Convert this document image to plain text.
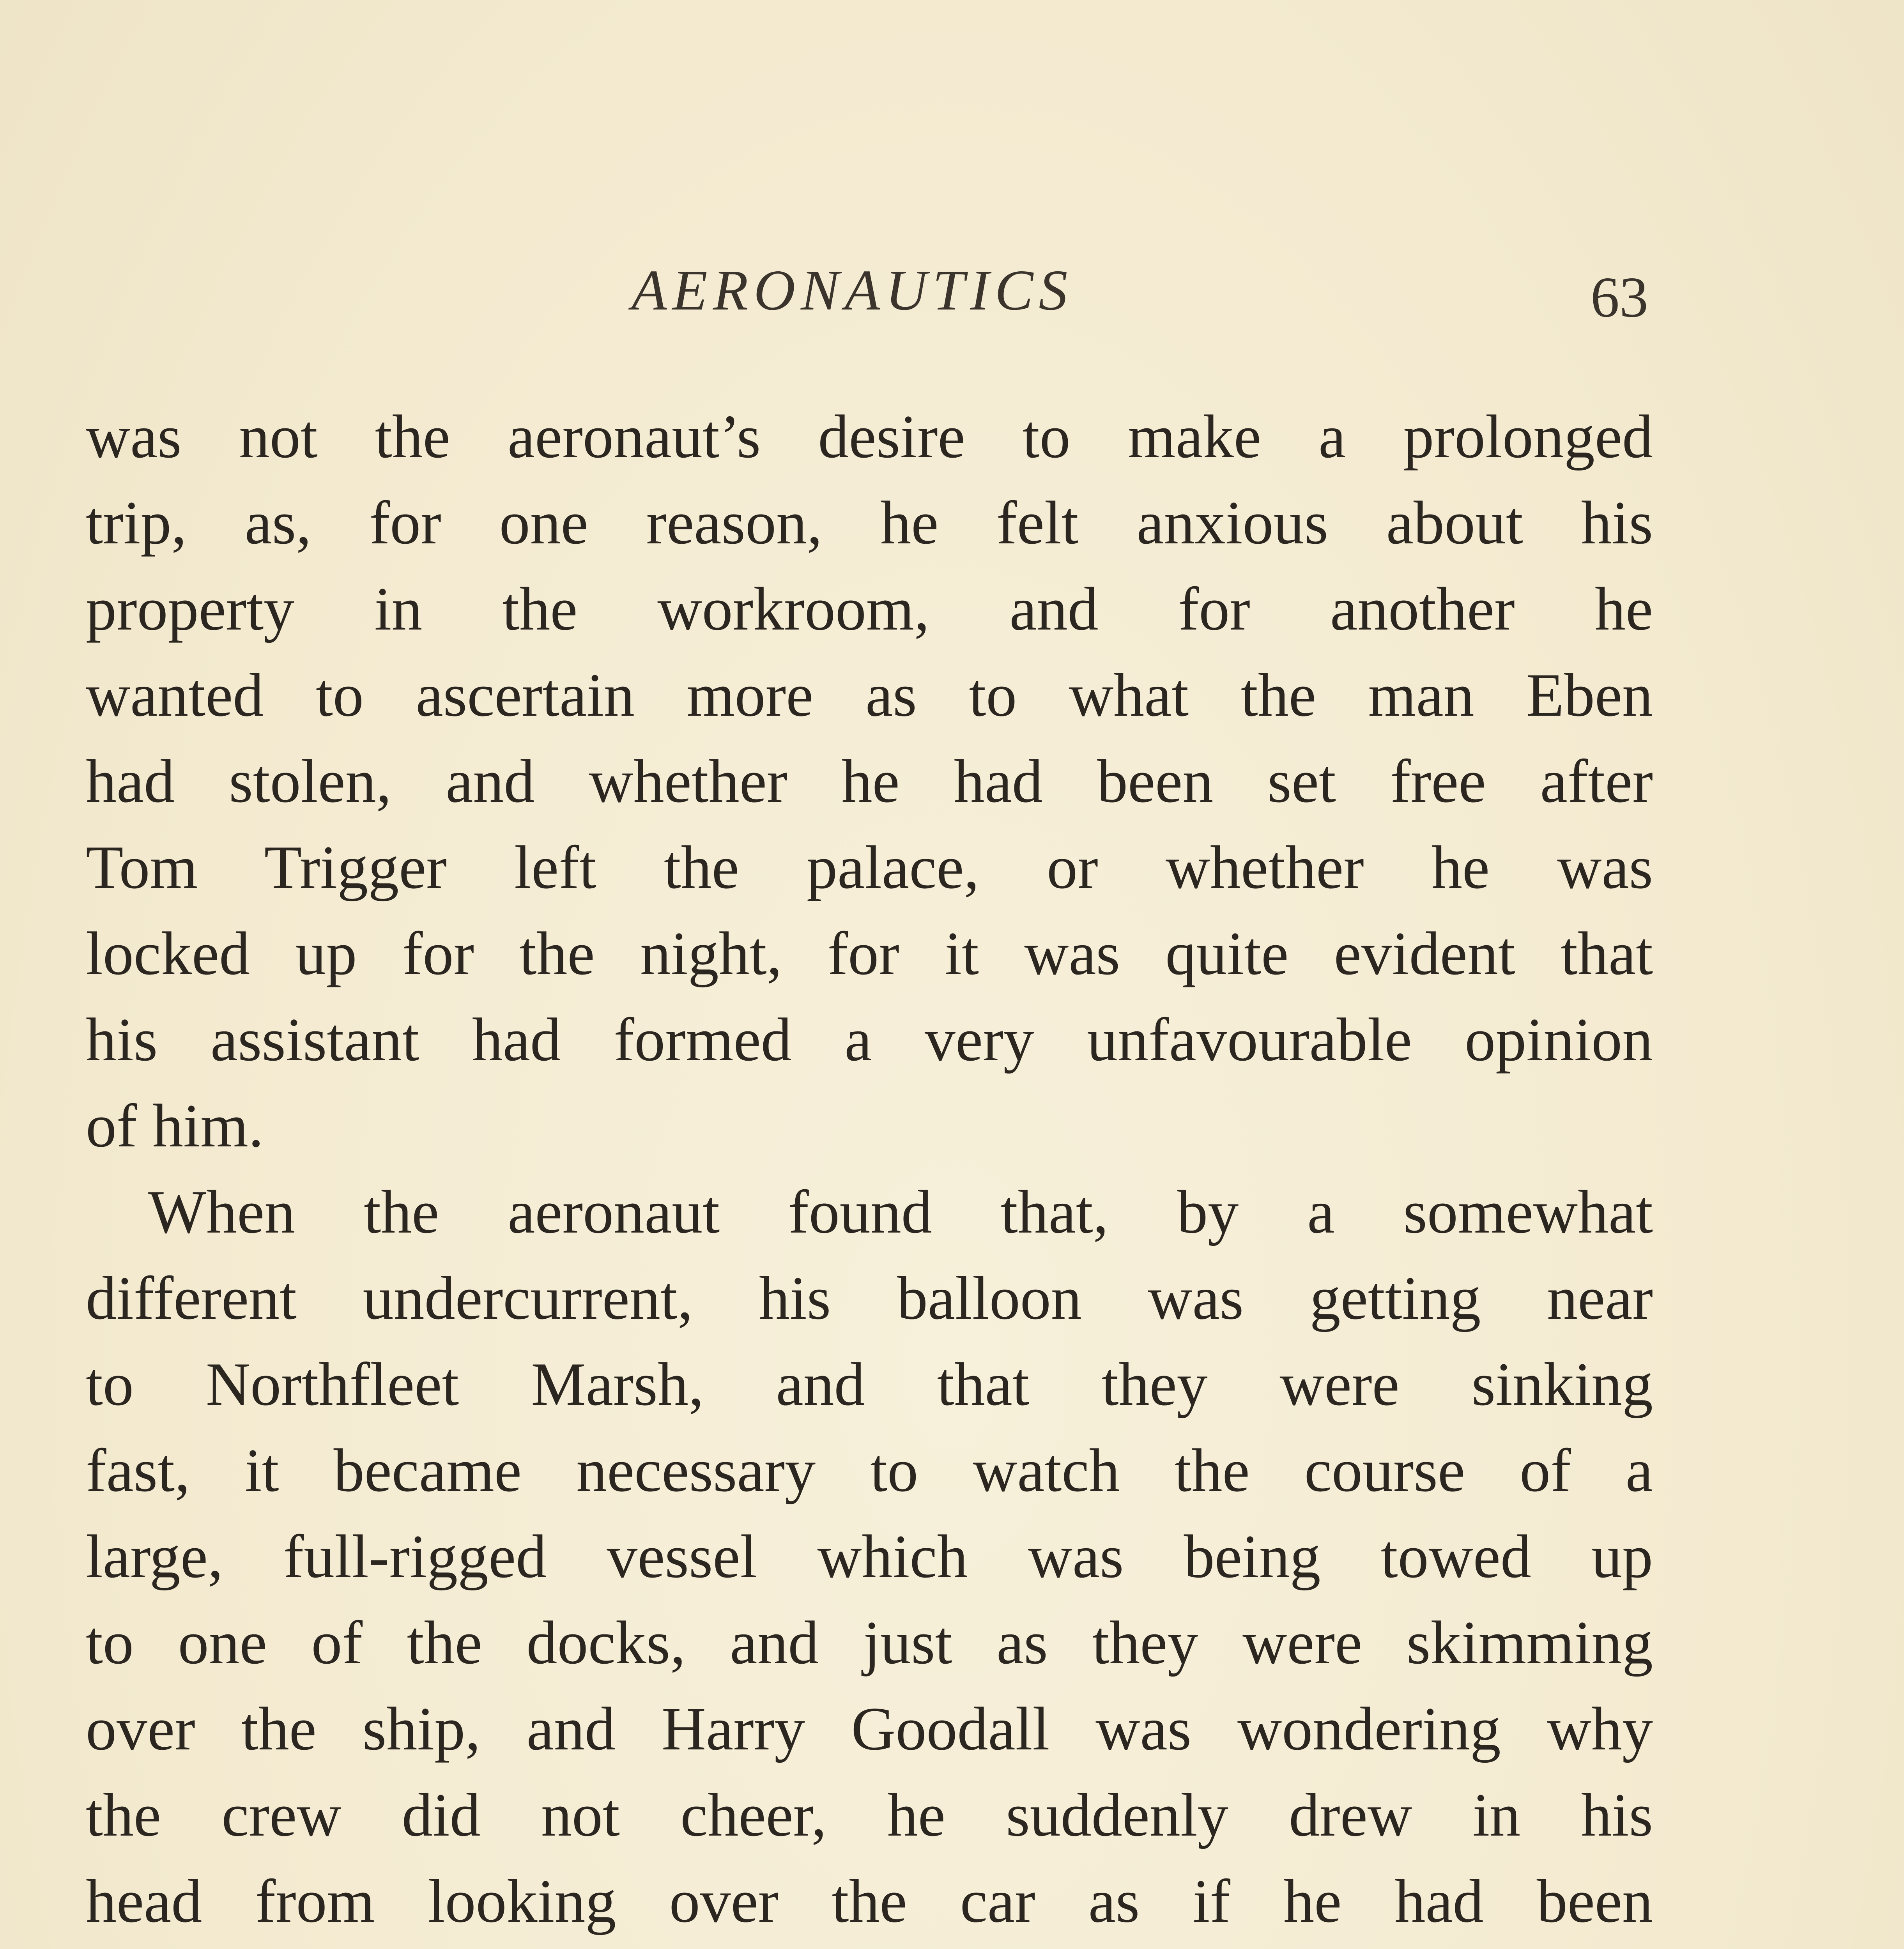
AERONAUTICS	63
was not the aeronaut’s desire to make a prolonged
trip, as, for one reason, he felt anxious about his
property in the workroom, and for another he
wanted to ascertain more as to what the man Eben
had stolen, and whether he had been set free after
Tom Trigger left the palace, or whether he was
locked up for the night, for it was quite evident that
his assistant had formed a very unfavourable opinion
of him.
When the aeronaut found that, by a somewhat
different undercurrent, his balloon was getting near
to Northfleet Marsh, and that they were sinking
fast, it became necessary to watch the course of a
large, full-rigged vessel which was being towed up
to one of the docks, and just as they were skimming
over the ship, and Harry Goodall was wondering why
the crew did not cheer, he suddenly drew in his
head from looking over the car as if he had been
